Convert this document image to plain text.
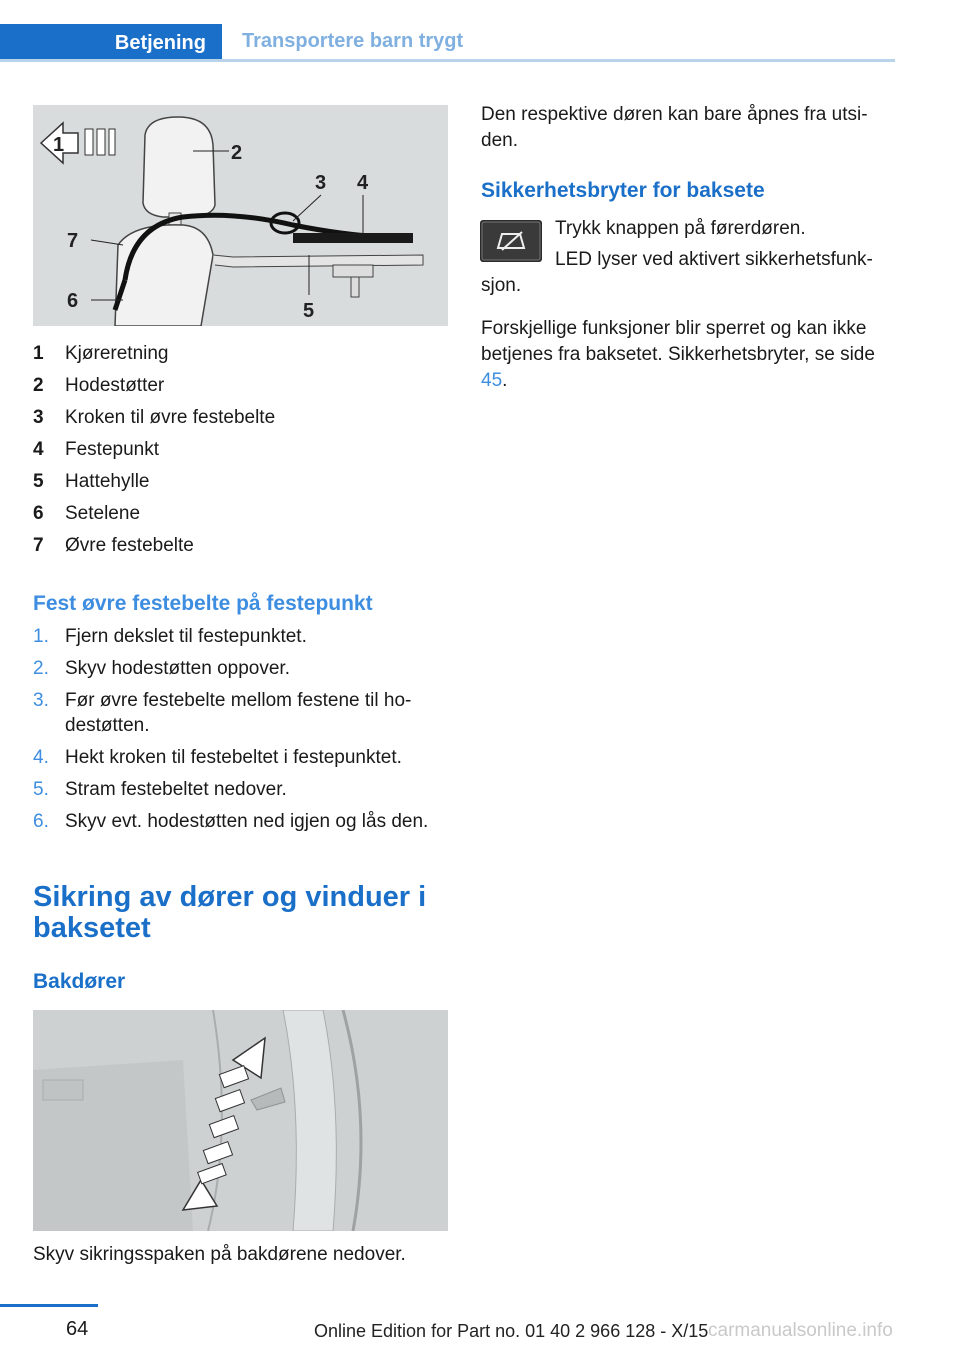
Betjening	Transportere barn trygt
1	2
3 4
5
6
7
1	Kjøreretning
2	Hodestøtter
3	Kroken til øvre festebelte
4	Festepunkt
5	Hattehylle
6	Setelene
7	Øvre festebelte
Fest øvre festebelte på festepunkt
1. Fjern dekslet til festepunktet.
2. Skyv hodestøtten oppover.
3. Før øvre festebelte mellom festene til hodestøtten.
4. Hekt kroken til festebeltet i festepunktet.
5. Stram festebeltet nedover.
6. Skyv evt. hodestøtten ned igjen og lås den.
Sikring av dører og vinduer i baksetet
Bakdører
Skyv sikringsspaken på bakdørene nedover.
Den respektive døren kan bare åpnes fra utsiden.
Sikkerhetsbryter for baksete
Trykk knappen på førerdøren.
LED lyser ved aktivert sikkerhetsfunksjon.
Forskjellige funksjoner blir sperret og kan ikke betjenes fra baksetet. Sikkerhetsbryter, se side 45.
64	Online Edition for Part no. 01 40 2 966 128 - X/15 carmanualsonline.info
